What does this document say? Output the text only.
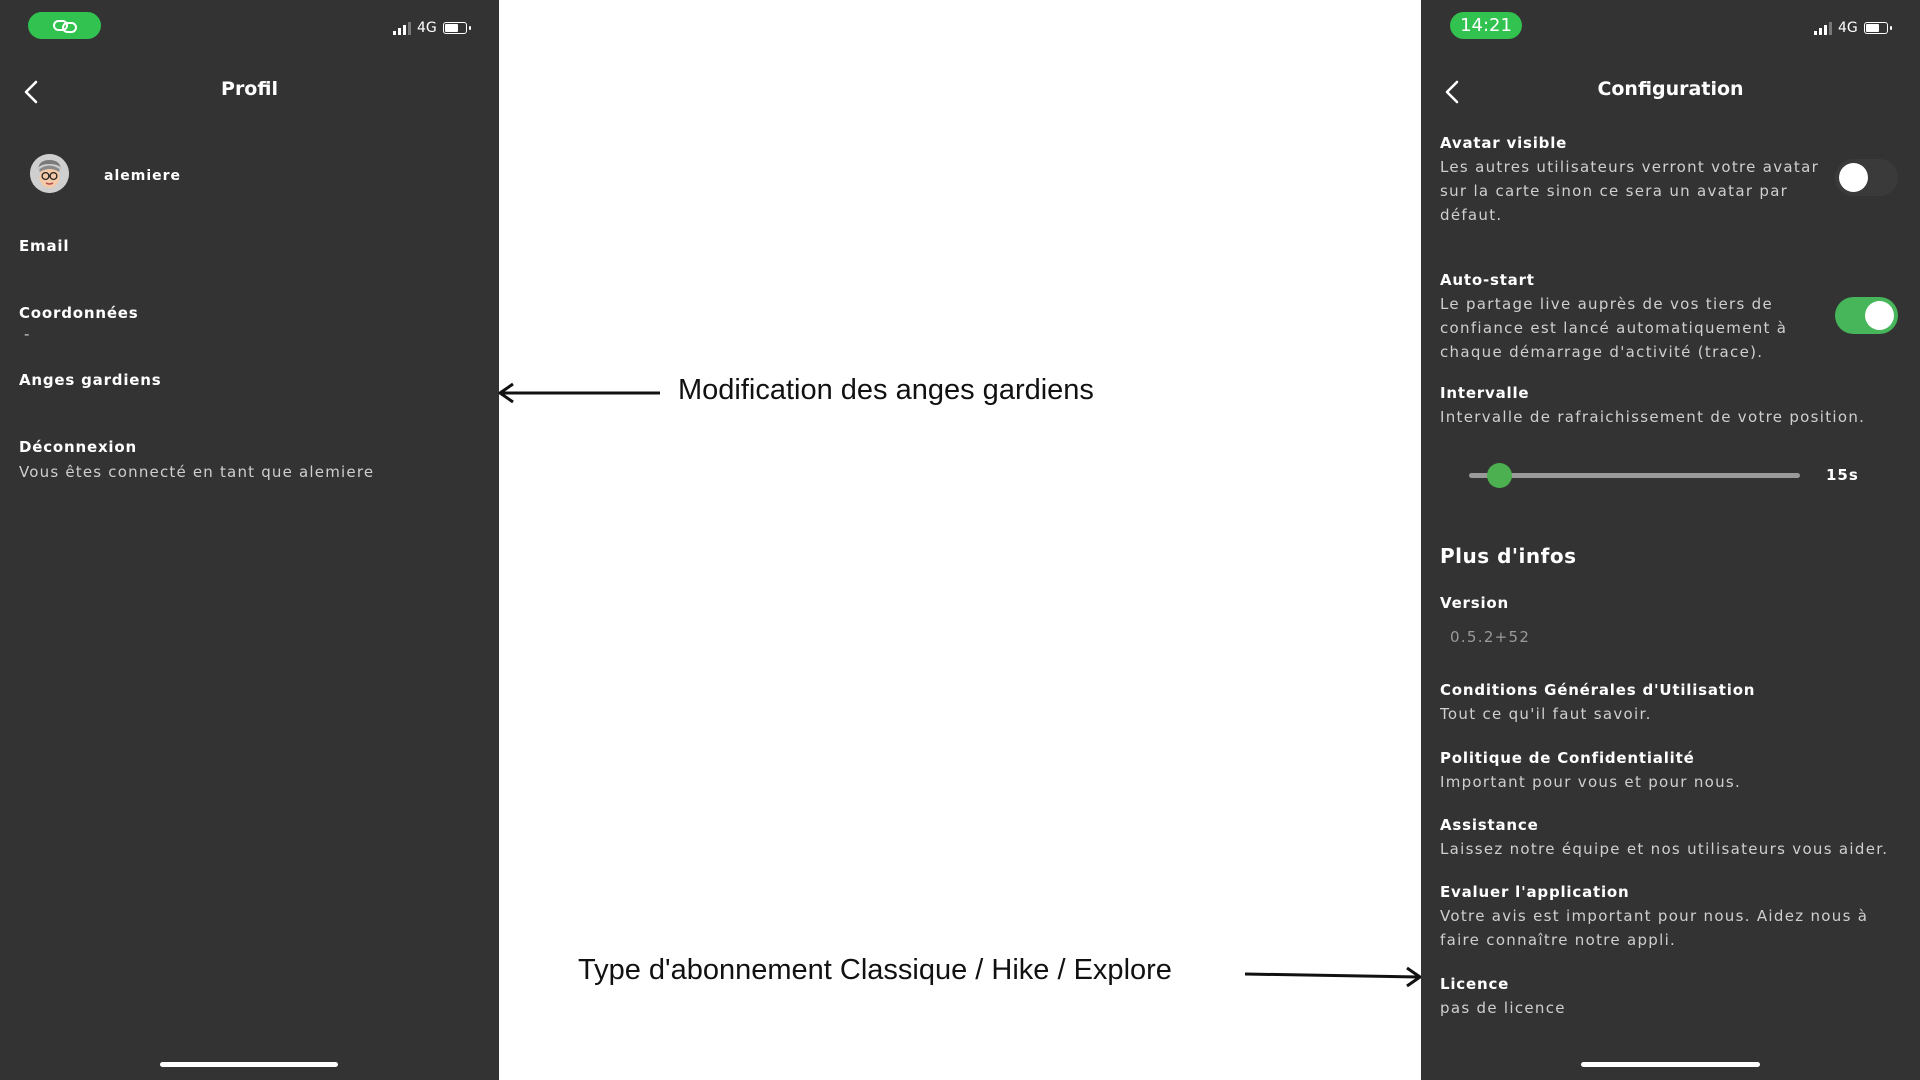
4G
Profil
alemiere
Email
Coordonnées
-
Anges gardiens
Déconnexion
Vous êtes connecté en tant que alemiere
Modification des anges gardiens
Type d'abonnement Classique / Hike / Explore
14:21	4G
Configuration
Avatar visible
Les autres utilisateurs verront votre avatar
sur la carte sinon ce sera un avatar par
défaut.
Auto-start
Le partage live auprès de vos tiers de
confiance est lancé automatiquement à
chaque démarrage d'activité (trace).
Intervalle
Intervalle de rafraichissement de votre position.
15s
Plus d'infos
Version
0.5.2+52
Conditions Générales d'Utilisation
Tout ce qu'il faut savoir.
Politique de Confidentialité
Important pour vous et pour nous.
Assistance
Laissez notre équipe et nos utilisateurs vous aider.
Evaluer l'application
Votre avis est important pour nous. Aidez nous à
faire connaître notre appli.
Licence
pas de licence
